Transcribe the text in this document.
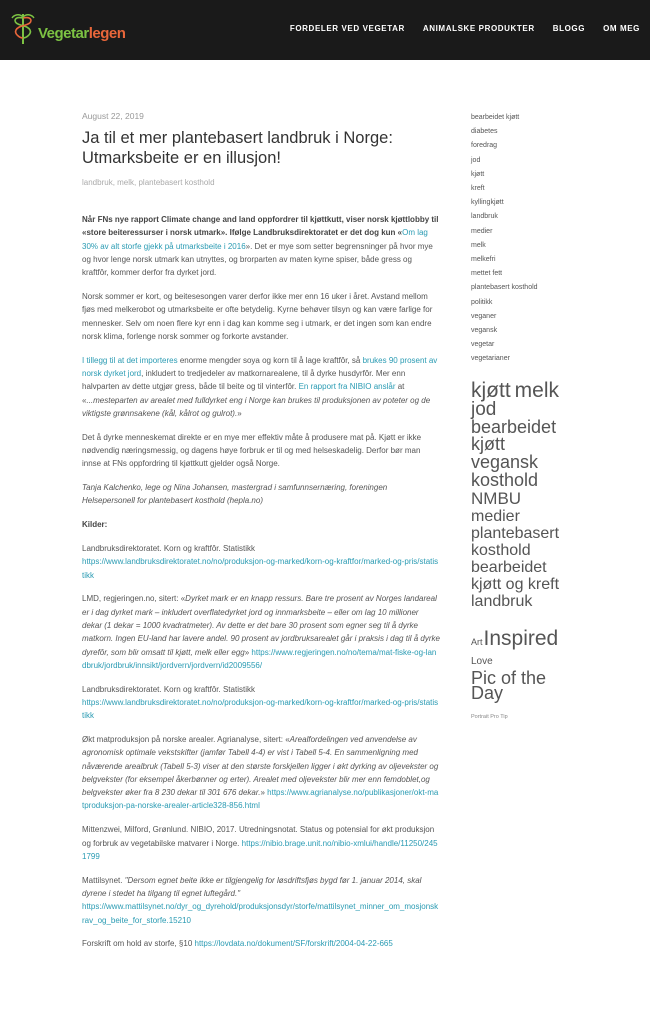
Vegetarlegen	FORDELER VED VEGETAR ANIMALSKE PRODUKTER BLOGG OM MEG
August 22, 2019
Ja til et mer plantebasert landbruk i Norge: Utmarksbeite er en illusjon!
landbruk, melk, plantebasert kosthold

Når FNs nye rapport Climate change and land oppfordrer til kjøttkutt, viser norsk kjøttlobby til «store beiteressurser i norsk utmark». Ifølge Landbruksdirektoratet er det dog kun «Om lag 30% av alt storfe gjekk på utmarksbeite i 2016». Det er mye som setter begrensninger på hvor mye og hvor lenge norsk utmark kan utnyttes, og brorparten av maten kyrne spiser, både gress og kraftfôr, kommer derfor fra dyrket jord.

Norsk sommer er kort, og beitesesongen varer derfor ikke mer enn 16 uker i året. Avstand mellom fjøs med melkerobot og utmarksbeite er ofte betydelig. Kyrne behøver tilsyn og kan være farlige for mennesker. Selv om noen flere kyr enn i dag kan komme seg i utmark, er det ingen som kan endre norsk klima, forlenge norsk sommer og forkorte avstander.

I tillegg til at det importeres enorme mengder soya og korn til å lage kraftfôr, så brukes 90 prosent av norsk dyrket jord, inkludert to tredjedeler av matkornarealene, til å dyrke husdyrfôr. Mer enn halvparten av dette utgjør gress, både til beite og til vinterfôr. En rapport fra NIBIO anslår at «...mesteparten av arealet med fulldyrket eng i Norge kan brukes til produksjonen av poteter og de viktigste grønnsakene (kål, kålrot og gulrot).»

Det å dyrke menneskemat direkte er en mye mer effektiv måte å produsere mat på. Kjøtt er ikke nødvendig næringsmessig, og dagens høye forbruk er til og med helseskadelig. Derfor bør man innse at FNs oppfordring til kjøttkutt gjelder også Norge.

Tanja Kalchenko, lege og Nina Johansen, mastergrad i samfunnsernæring, foreningen Helsepersonell for plantebasert kosthold (hepla.no)

Kilder:

Landbruksdirektoratet. Korn og kraftfôr. Statistikk
https://www.landbruksdirektoratet.no/no/produksjon-og-marked/korn-og-kraftfor/marked-og-pris/statistikk

LMD, regjeringen.no, sitert: «Dyrket mark er en knapp ressurs. Bare tre prosent av Norges landareal er i dag dyrket mark – inkludert overflatedyrket jord og innmarksbeite – eller om lag 10 millioner dekar (1 dekar = 1000 kvadratmeter). Av dette er det bare 30 prosent som egner seg til å dyrke matkorn. Ingen EU-land har lavere andel. 90 prosent av jordbruksarealet går i praksis i dag til å dyrke dyrefôr, som blir omsatt til kjøtt, melk eller egg» https://www.regjeringen.no/no/tema/mat-fiske-og-landbruk/jordbruk/innsikt/jordvern/jordvern/id2009556/

Landbruksdirektoratet. Korn og kraftfôr. Statistikk
https://www.landbruksdirektoratet.no/no/produksjon-og-marked/korn-og-kraftfor/marked-og-pris/statistikk

Økt matproduksjon på norske arealer. Agrianalyse, sitert: «Arealfordelingen ved anvendelse av agronomisk optimale vekstskifter (jamfør Tabell 4-4) er vist i Tabell 5-4. En sammenligning med nåværende arealbruk (Tabell 5-3) viser at den største forskjellen ligger i økt dyrking av oljevekster og belgvekster (for eksempel åkerbønner og erter). Arealet med oljevekster blir mer enn femdoblet,og belgvekster øker fra 8 230 dekar til 301 676 dekar.» https://www.agrianalyse.no/publikasjoner/okt-matproduksjon-pa-norske-arealer-article328-856.html

Mittenzwei, Milford, Grønlund. NIBIO, 2017. Utredningsnotat. Status og potensial for økt produksjon og forbruk av vegetabilske matvarer i Norge. https://nibio.brage.unit.no/nibio-xmlui/handle/11250/2451799

Mattilsynet. "Dersom egnet beite ikke er tilgjengelig for løsdriftsfjøs bygd før 1. januar 2014, skal dyrene i stedet ha tilgang til egnet luftegård."
https://www.mattilsynet.no/dyr_og_dyrehold/produksjonsdyr/storfe/mattilsynet_minner_om_mosjonskrav_og_beite_for_storfe.15210

Forskrift om hold av storfe, §10 https://lovdata.no/dokument/SF/forskrift/2004-04-22-665

bearbeidet kjøtt
diabetes
foredrag
jod
kjøtt
kreft
kyllingkjøtt
landbruk
medier
melk
melkefri
mettet fett
plantebasert kosthold
politikk
veganer
vegansk
vegetar
vegetarianer
kjøtt melk
jod
bearbeidet kjøtt
vegansk
kosthold
NMBU
medier
plantebasert kosthold
bearbeidet kjøtt og kreft
landbruk
ArtInspired
Love
Pic of the Day
Portrait Pro Tip
